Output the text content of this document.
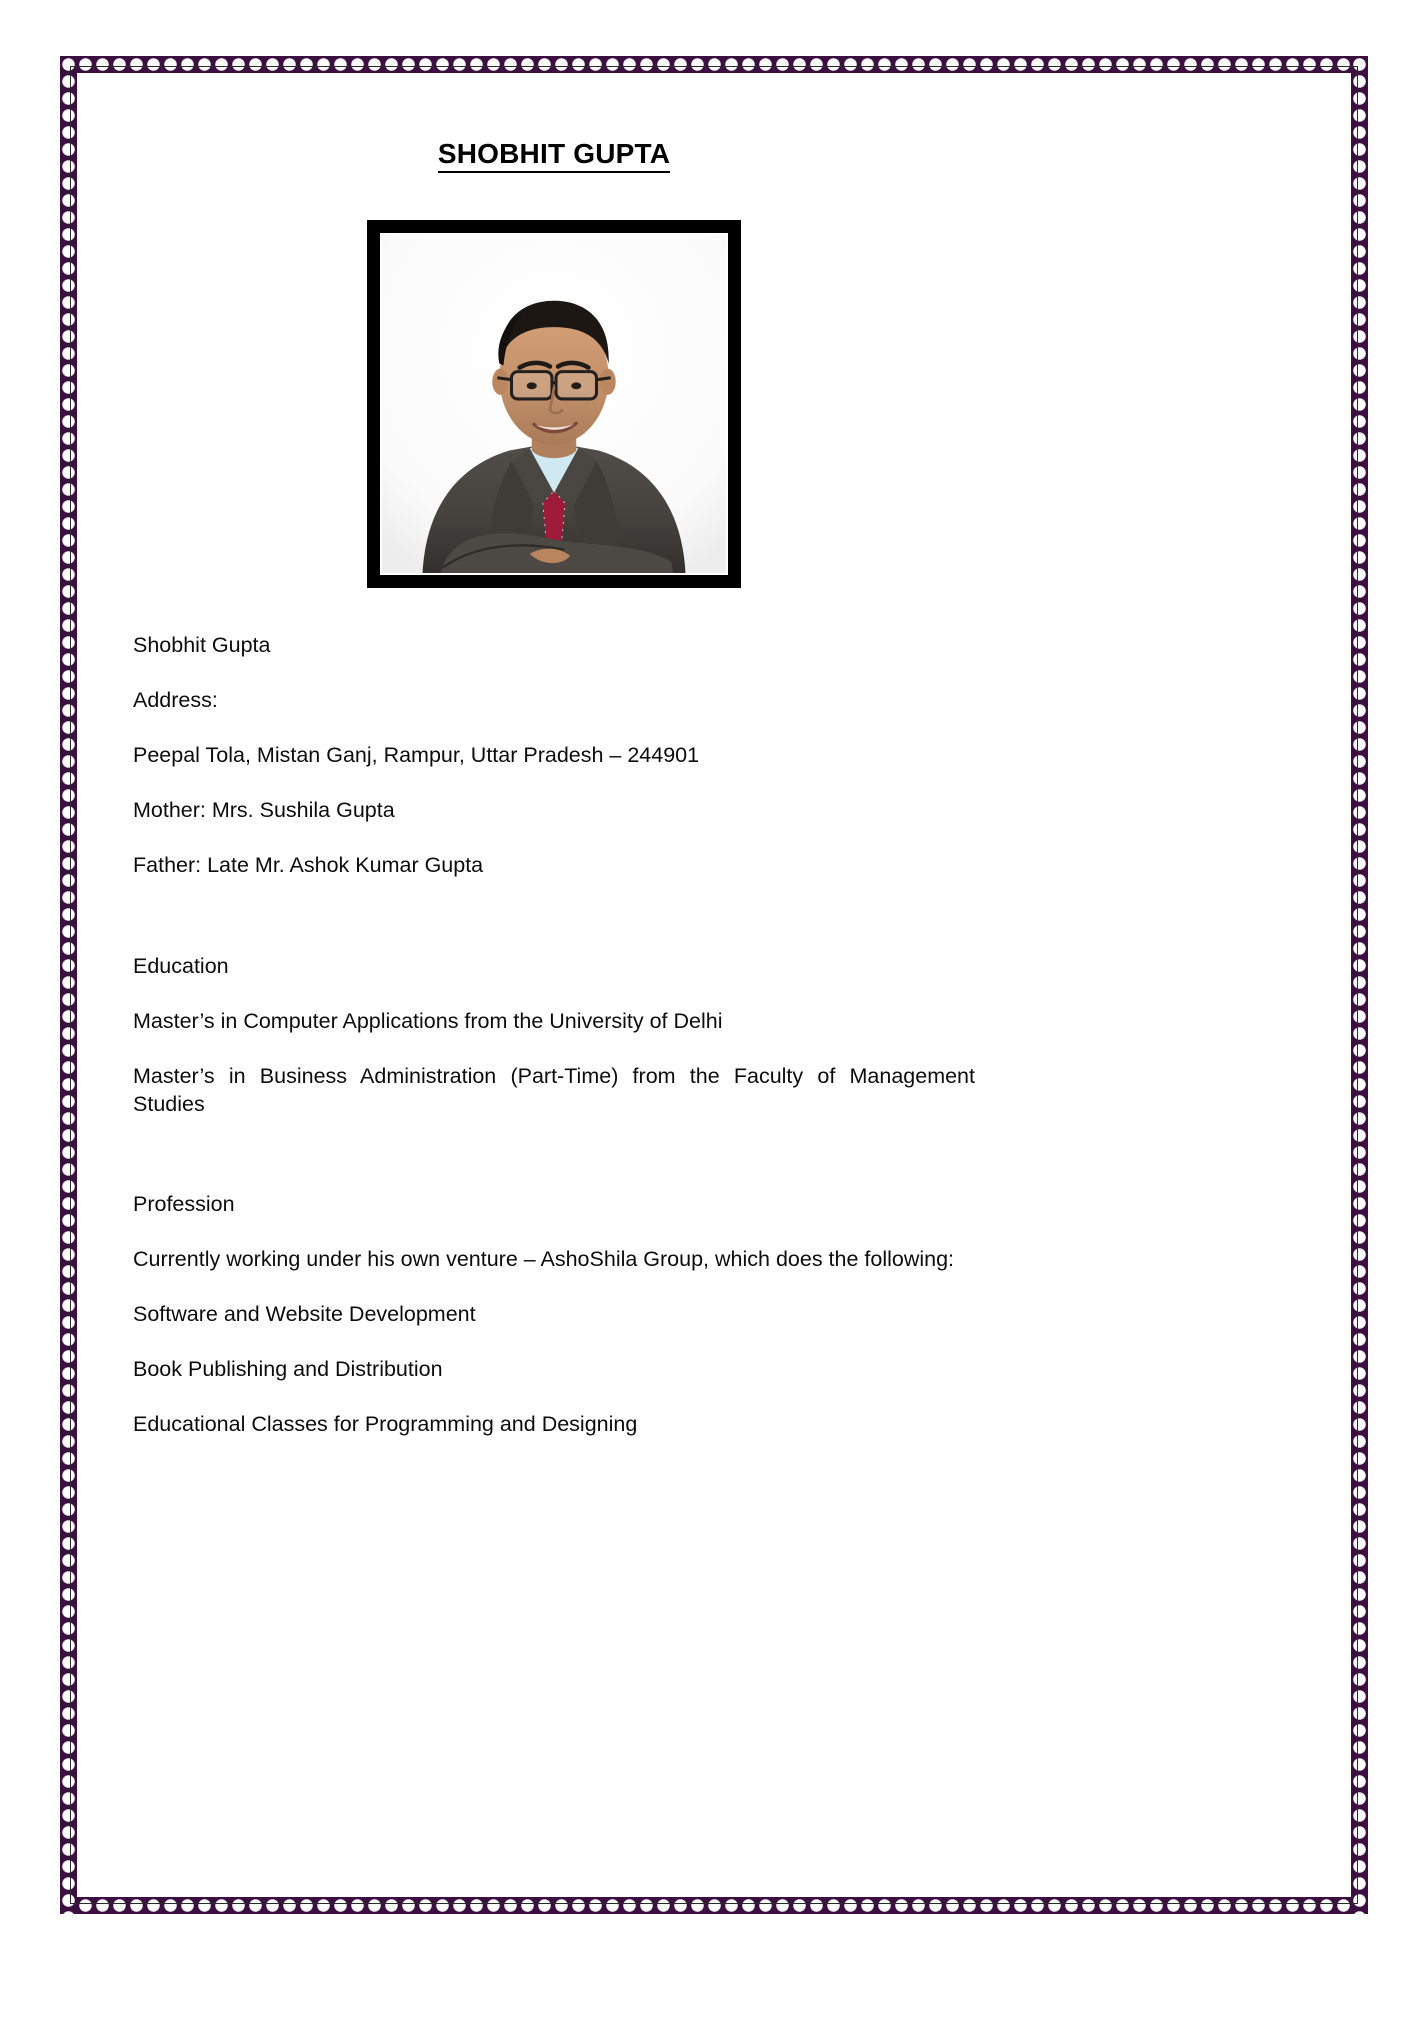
SHOBHIT GUPTA

Shobhit Gupta

Address:

Peepal Tola, Mistan Ganj, Rampur, Uttar Pradesh – 244901

Mother: Mrs. Sushila Gupta

Father: Late Mr. Ashok Kumar Gupta

Education

Master’s in Computer Applications from the University of Delhi

Master’s in Business Administration (Part-Time) from the Faculty of Management Studies

Profession

Currently working under his own venture – AshoShila Group, which does the following:

Software and Website Development

Book Publishing and Distribution

Educational Classes for Programming and Designing
